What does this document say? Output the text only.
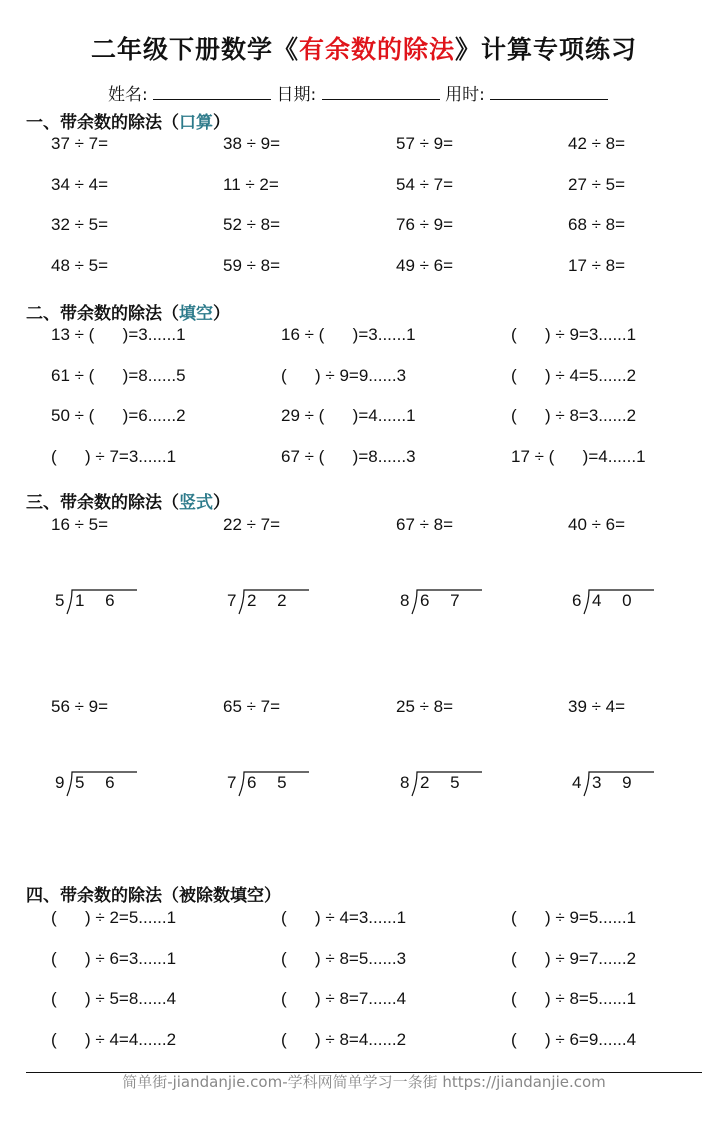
二年级下册数学《有余数的除法》计算专项练习
姓名:	日期:	用时:
一、带余数的除法（口算）
二、带余数的除法（填空）
三、带余数的除法（竖式）
四、带余数的除法（被除数填空）
37 ÷ 7=	38 ÷ 9=	57 ÷ 9=	42 ÷ 8=
34 ÷ 4=	11 ÷ 2=	54 ÷ 7=	27 ÷ 5=
32 ÷ 5=	52 ÷ 8=	76 ÷ 9=	68 ÷ 8=
48 ÷ 5=	59 ÷ 8=	49 ÷ 6=	17 ÷ 8=
13 ÷ (      )=3......1	16 ÷ (      )=3......1	(      ) ÷ 9=3......1
61 ÷ (      )=8......5	(      ) ÷ 9=9......3	(      ) ÷ 4=5......2
50 ÷ (      )=6......2	29 ÷ (      )=4......1	(      ) ÷ 8=3......2
(      ) ÷ 7=3......1	67 ÷ (      )=8......3	17 ÷ (      )=4......1
16 ÷ 5=	22 ÷ 7=	67 ÷ 8=	40 ÷ 6=
5 1 6	7 2 2	8 6 7	6 4 0
56 ÷ 9=	65 ÷ 7=	25 ÷ 8=	39 ÷ 4=
9 5 6	7 6 5	8 2 5	4 3 9
(      ) ÷ 2=5......1	(      ) ÷ 4=3......1	(      ) ÷ 9=5......1
(      ) ÷ 6=3......1	(      ) ÷ 8=5......3	(      ) ÷ 9=7......2
(      ) ÷ 5=8......4	(      ) ÷ 8=7......4	(      ) ÷ 8=5......1
(      ) ÷ 4=4......2	(      ) ÷ 8=4......2	(      ) ÷ 6=9......4
简单街-jiandanjie.com-学科网简单学习一条街 https://jiandanjie.com
